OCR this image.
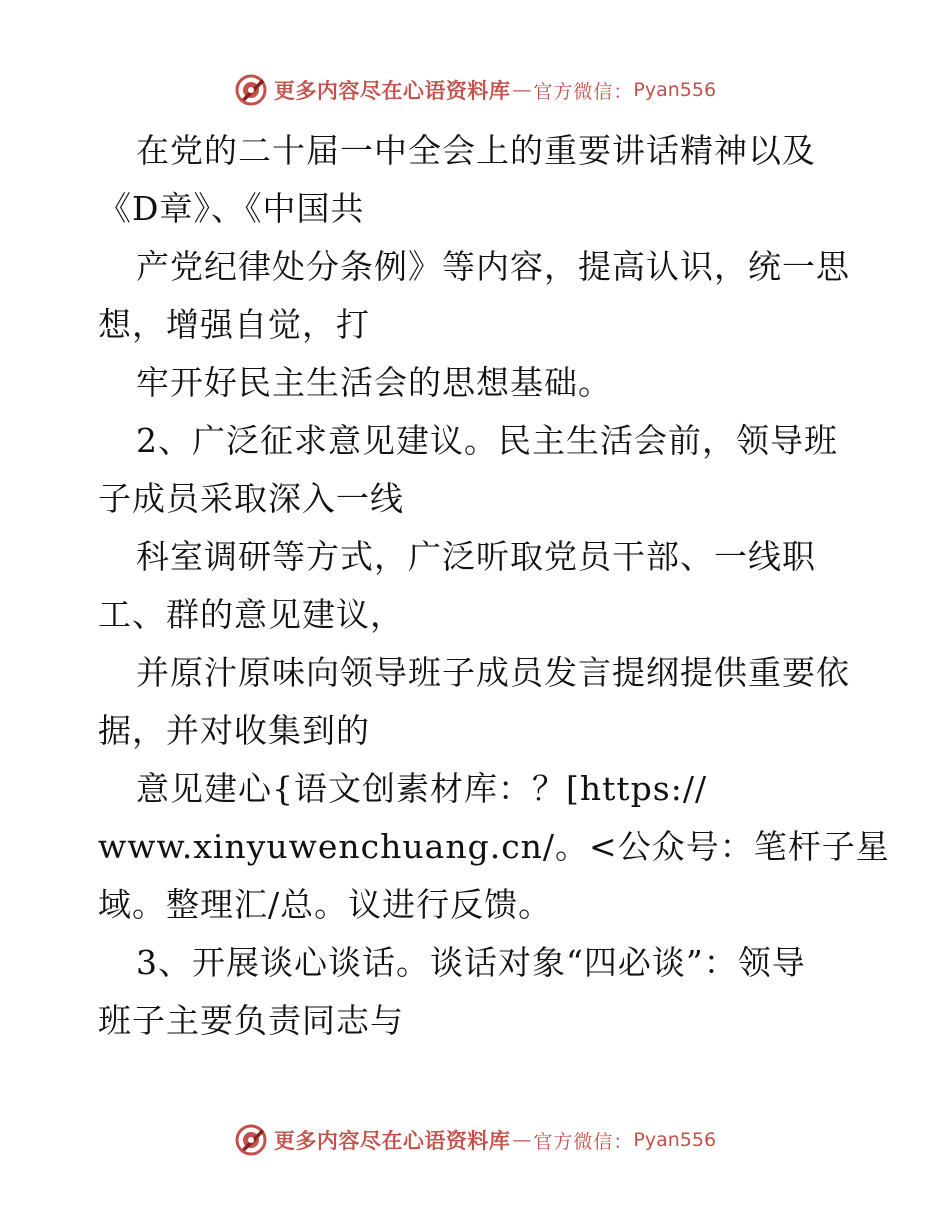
更多内容尽在心语资料库 — 官方微信： Pyan556
在党的二十届一中全会上的重要讲话精神以及
《D章》、《中国共
产党纪律处分条例》等内容，提高认识，统一思
想，增强自觉，打
牢开好民主生活会的思想基础。
2、广泛征求意见建议。民主生活会前，领导班
子成员采取深入一线
科室调研等方式，广泛听取党员干部、一线职
工、群的意见建议，
并原汁原味向领导班子成员发言提纲提供重要依
据，并对收集到的
意见建心{语文创素材库：？[https://
www.xinyuwenchuang.cn/。<公众号：笔杆子星
域。整理汇/总。议进行反馈。
3、开展谈心谈话。谈话对象“四必谈”：领导
班子主要负责同志与
更多内容尽在心语资料库 — 官方微信： Pyan556
